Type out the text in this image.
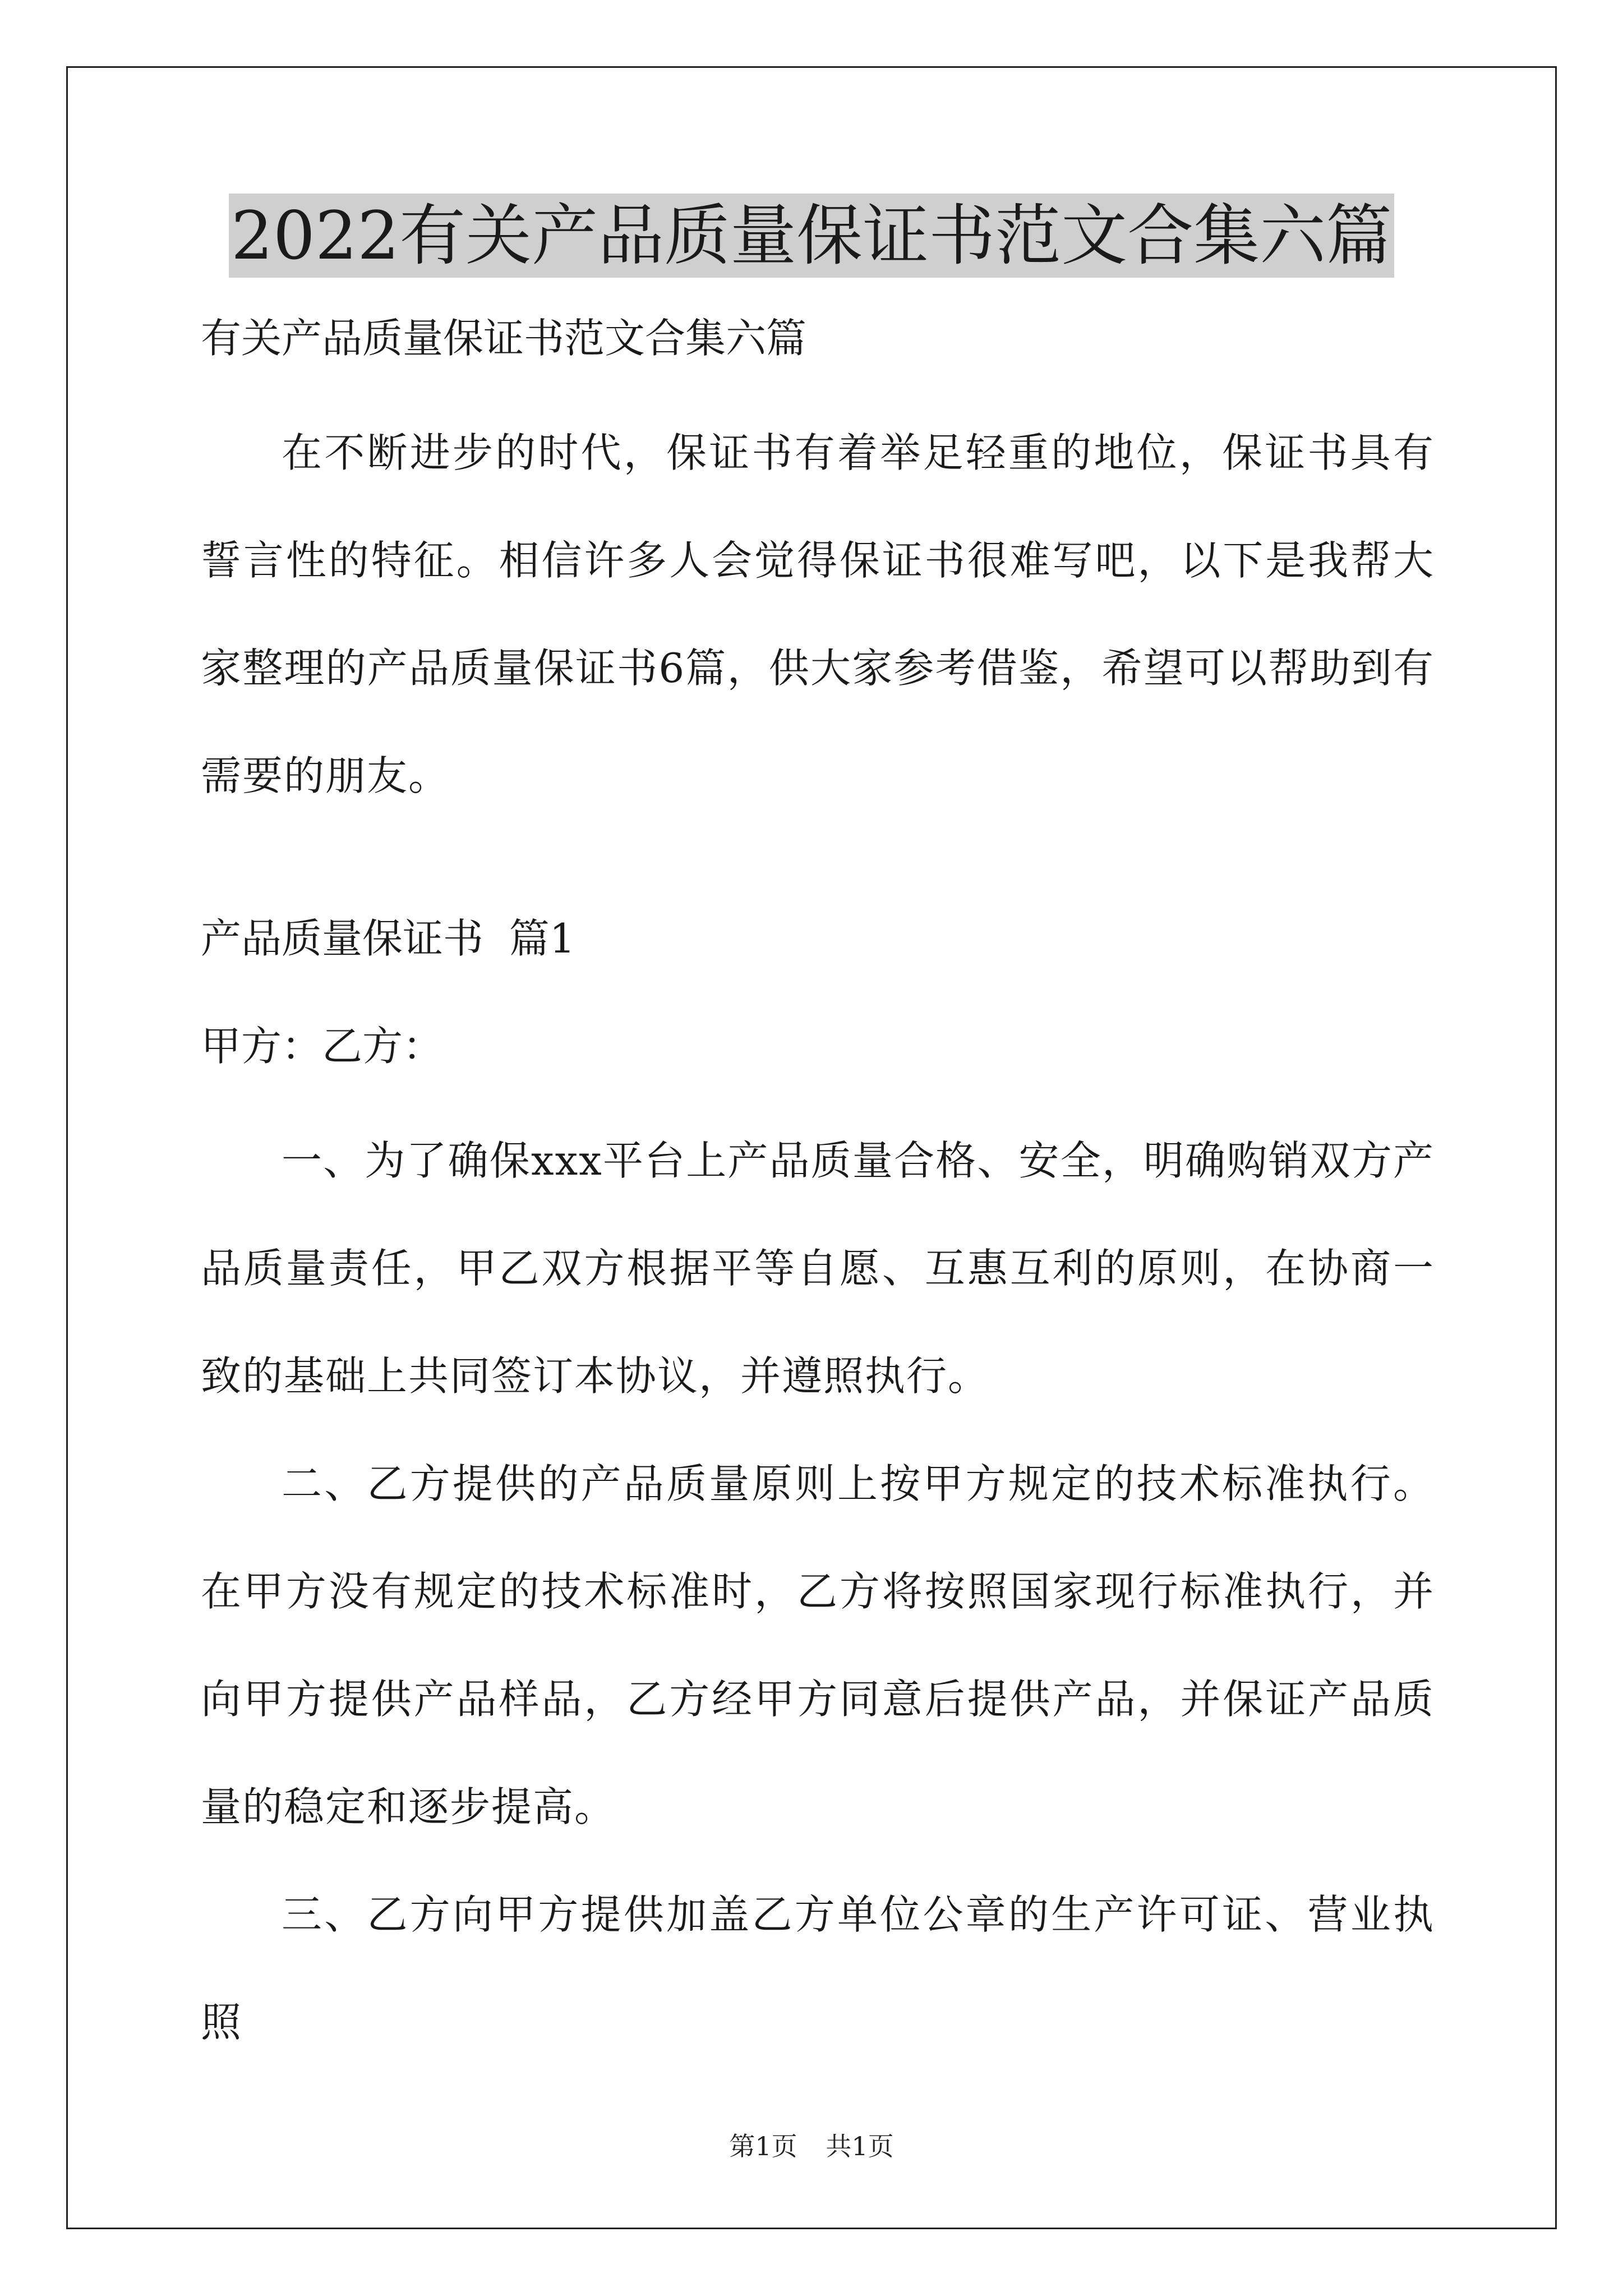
2022有关产品质量保证书范文合集六篇

有关产品质量保证书范文合集六篇

在不断进步的时代，保证书有着举足轻重的地位，保证书具有誓言性的特征。相信许多人会觉得保证书很难写吧，以下是我帮大家整理的产品质量保证书6篇，供大家参考借鉴，希望可以帮助到有需要的朋友。

产品质量保证书  篇1

甲方：乙方：

一、为了确保xxx平台上产品质量合格、安全，明确购销双方产品质量责任，甲乙双方根据平等自愿、互惠互利的原则，在协商一致的基础上共同签订本协议，并遵照执行。

二、乙方提供的产品质量原则上按甲方规定的技术标准执行。在甲方没有规定的技术标准时，乙方将按照国家现行标准执行，并向甲方提供产品样品，乙方经甲方同意后提供产品，并保证产品质量的稳定和逐步提高。

三、乙方向甲方提供加盖乙方单位公章的生产许可证、营业执照

第1页 共1页
